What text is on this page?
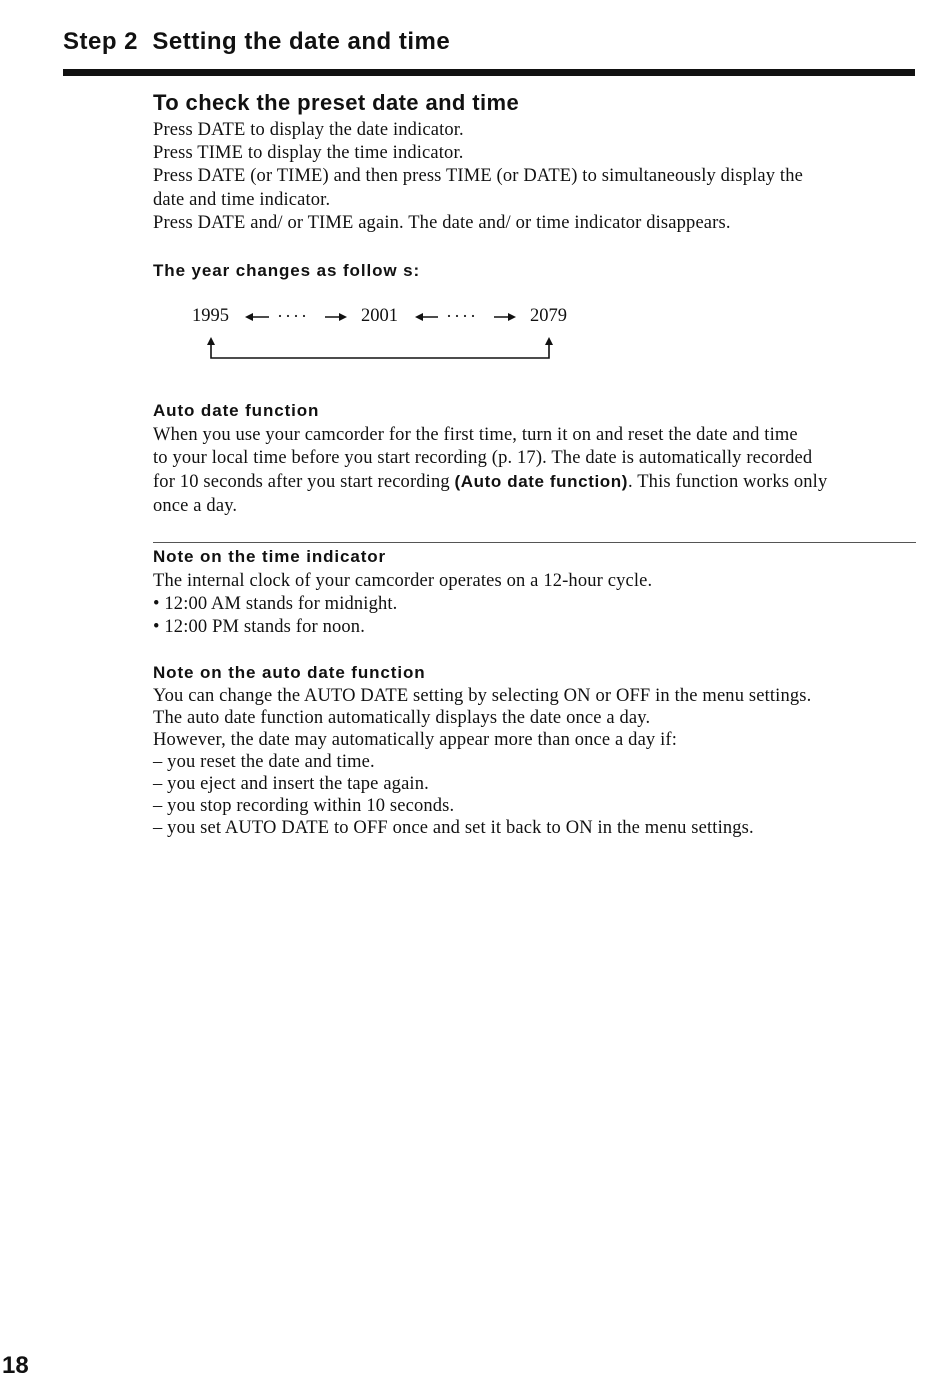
Step 2  Setting the date and time
To check the preset date and time
Press DATE to display the date indicator.
Press TIME to display the time indicator.
Press DATE (or TIME) and then press TIME (or DATE) to simultaneously display the
date and time indicator.
Press DATE and/ or TIME again. The date and/ or time indicator disappears.
The year changes as follow s:
1995	2001	2079
····	····
Auto date function
When you use your camcorder for the first time, turn it on and reset the date and time
to your local time before you start recording (p. 17). The date is automatically recorded
for 10 seconds after you start recording (Auto date function). This function works only
once a day.
Note on the time indicator
The internal clock of your camcorder operates on a 12-hour cycle.
• 12:00 AM stands for midnight.
• 12:00 PM stands for noon.
Note on the auto date function
You can change the AUTO DATE setting by selecting ON or OFF in the menu settings.
The auto date function automatically displays the date once a day.
However, the date may automatically appear more than once a day if:
– you reset the date and time.
– you eject and insert the tape again.
– you stop recording within 10 seconds.
– you set AUTO DATE to OFF once and set it back to ON in the menu settings.
18
